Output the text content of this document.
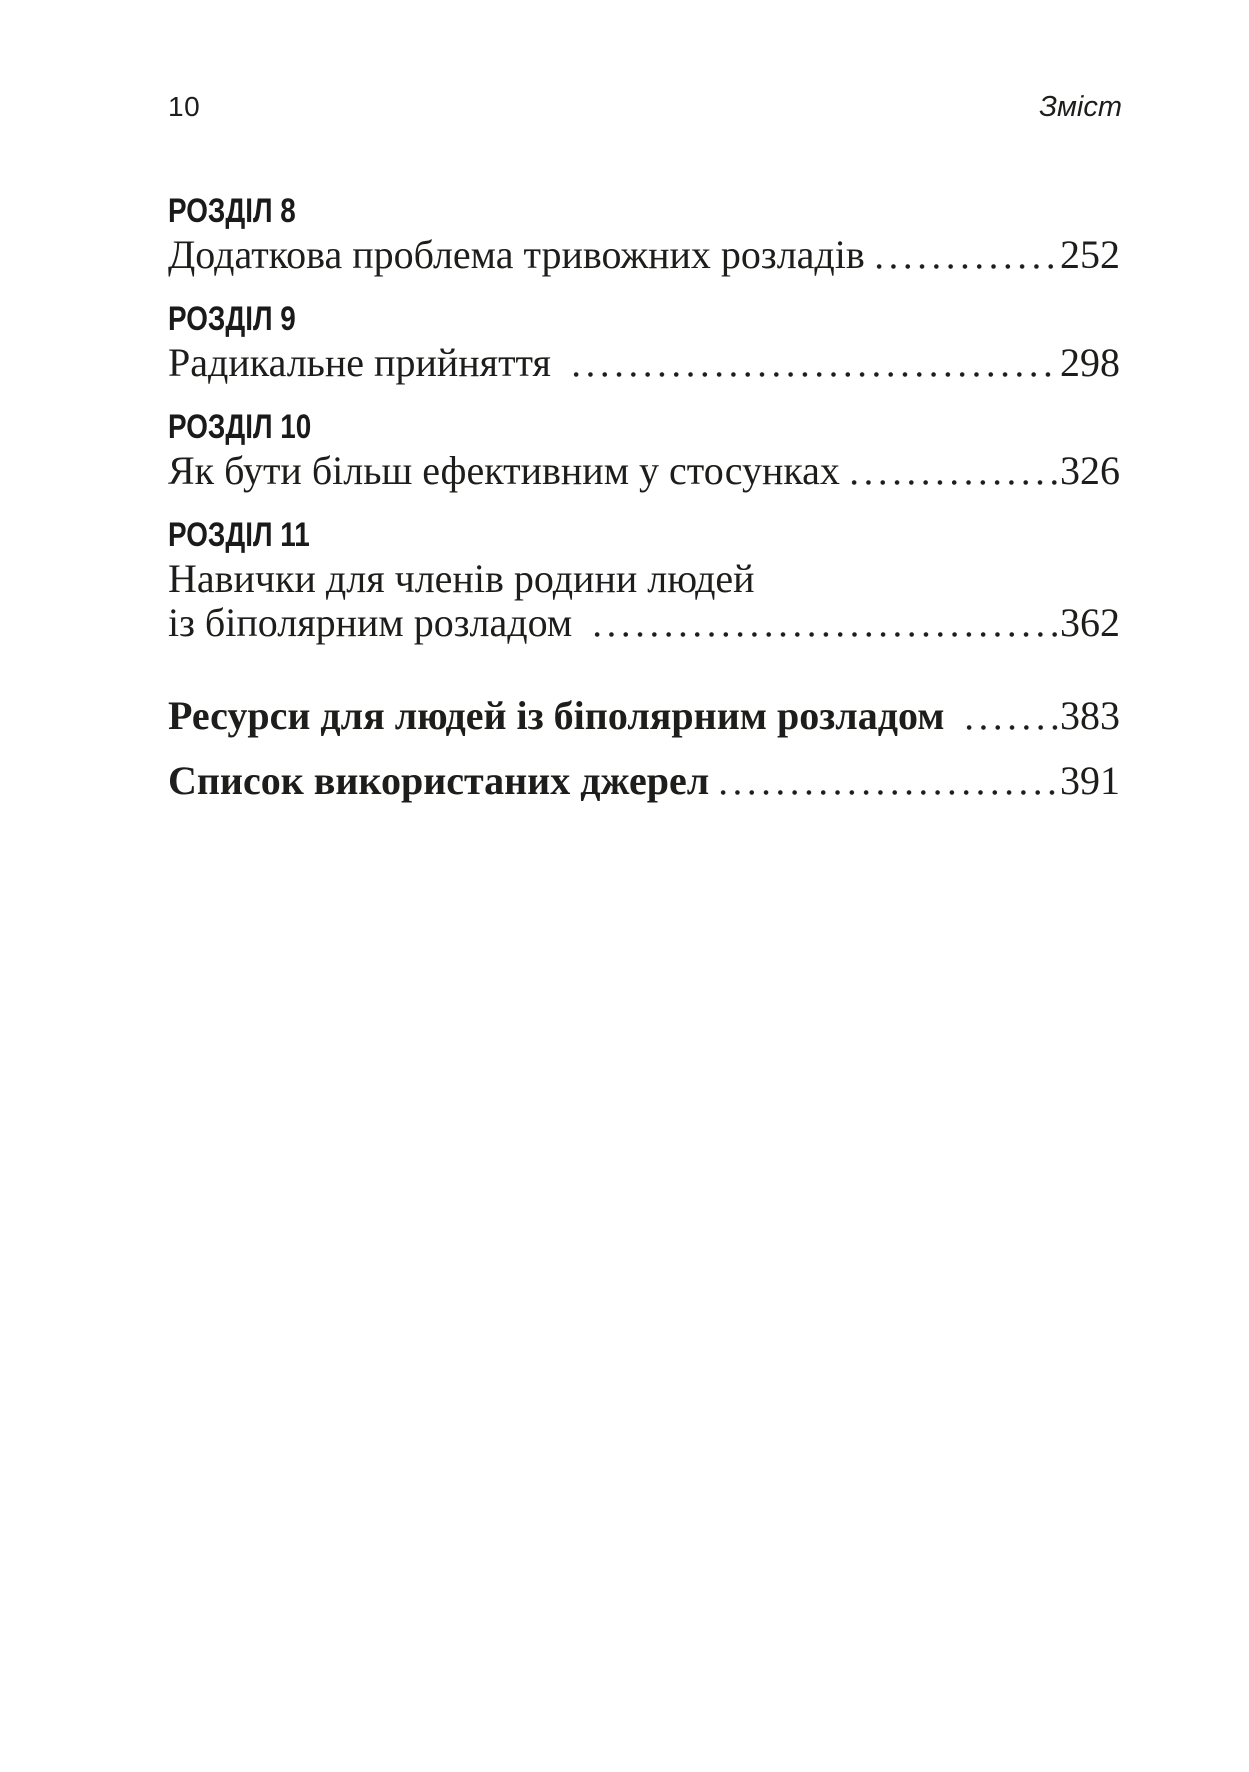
10	Зміст
РОЗДІЛ 8
Додаткова проблема тривожних розладів	252
РОЗДІЛ 9
Радикальне прийняття	298
РОЗДІЛ 10
Як бути більш ефективним у стосунках	326
РОЗДІЛ 11
Навички для членів родини людей
із біполярним розладом	362
Ресурси для людей із біполярним розладом	383
Список використаних джерел	391
